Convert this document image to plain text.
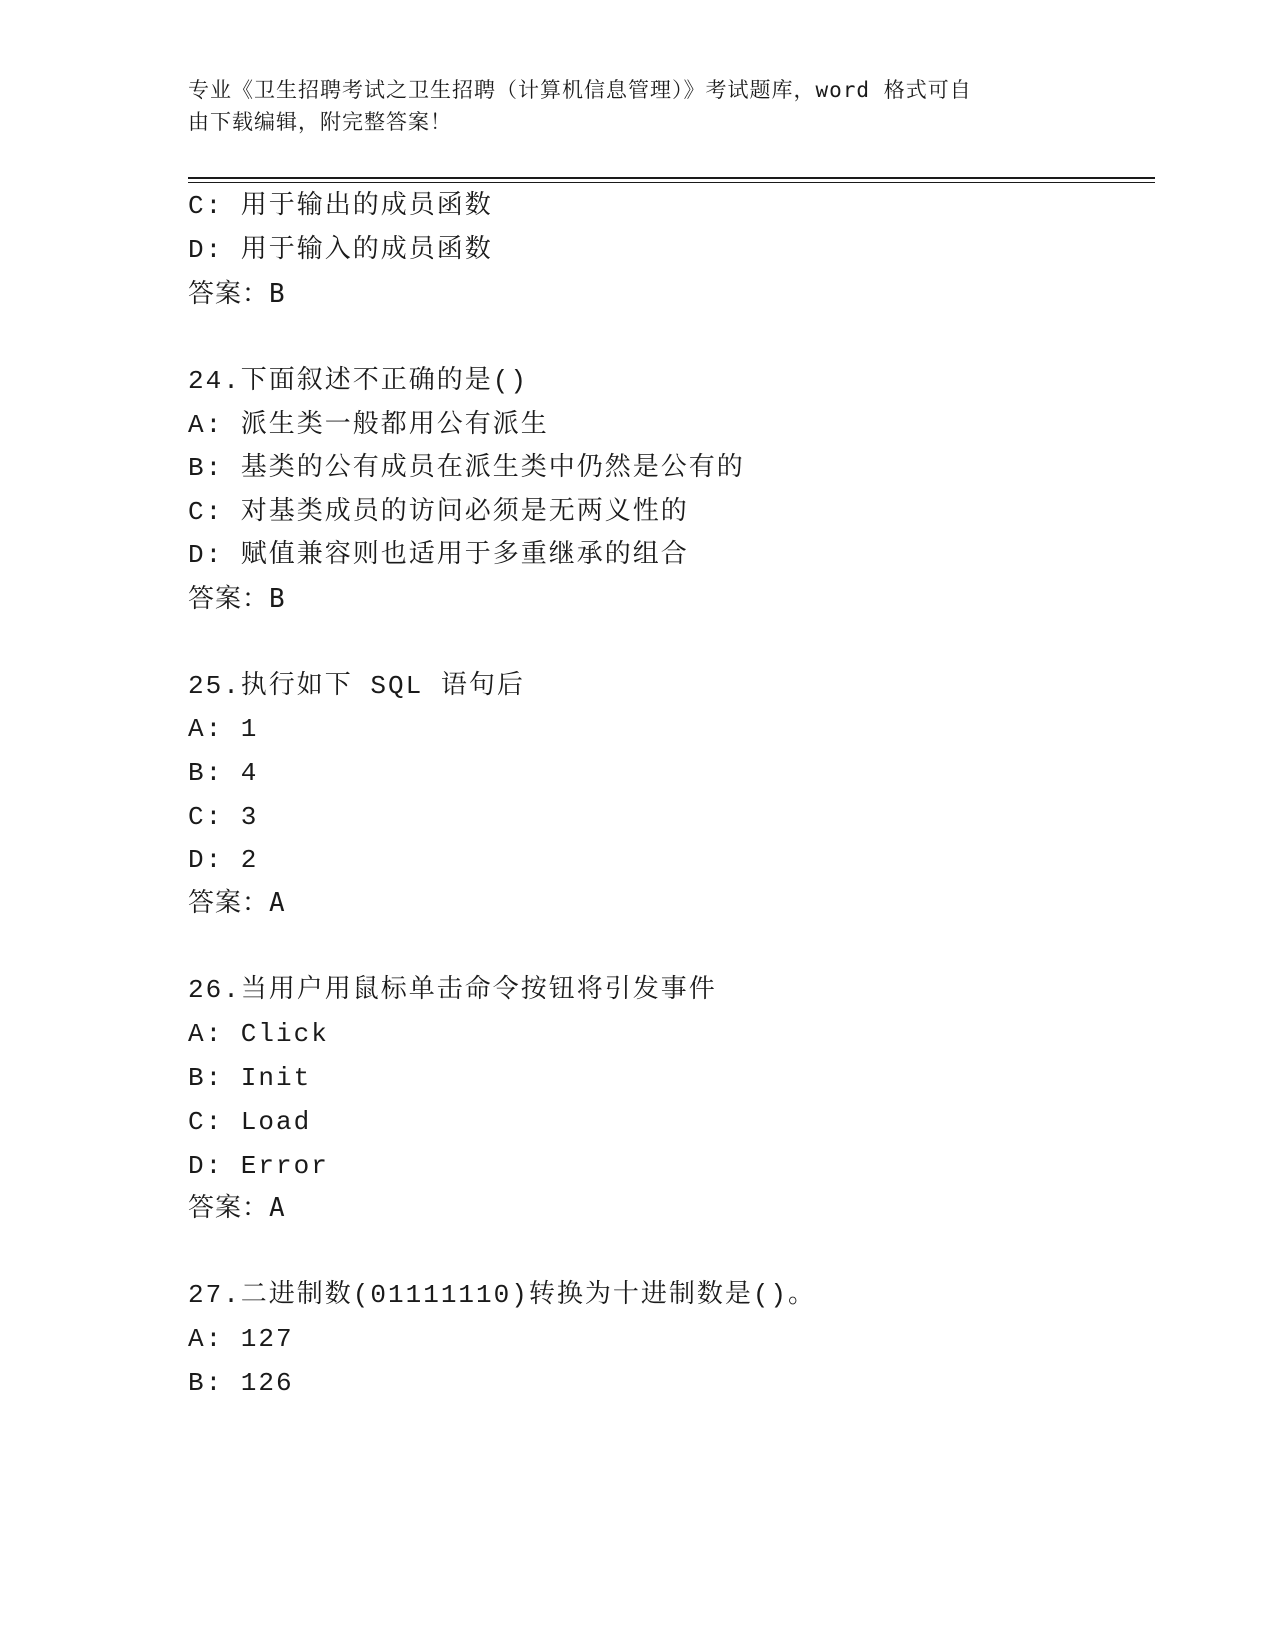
专业《卫生招聘考试之卫生招聘（计算机信息管理）》考试题库，word 格式可自
由下载编辑，附完整答案！
C: 用于输出的成员函数
D: 用于输入的成员函数
答案：B
24.下面叙述不正确的是()
A: 派生类一般都用公有派生
B: 基类的公有成员在派生类中仍然是公有的
C: 对基类成员的访问必须是无两义性的
D: 赋值兼容则也适用于多重继承的组合
答案：B
25.执行如下 SQL 语句后
A: 1
B: 4
C: 3
D: 2
答案：A
26.当用户用鼠标单击命令按钮将引发事件
A: Click
B: Init
C: Load
D: Error
答案：A
27.二进制数(01111110)转换为十进制数是()。
A: 127
B: 126
